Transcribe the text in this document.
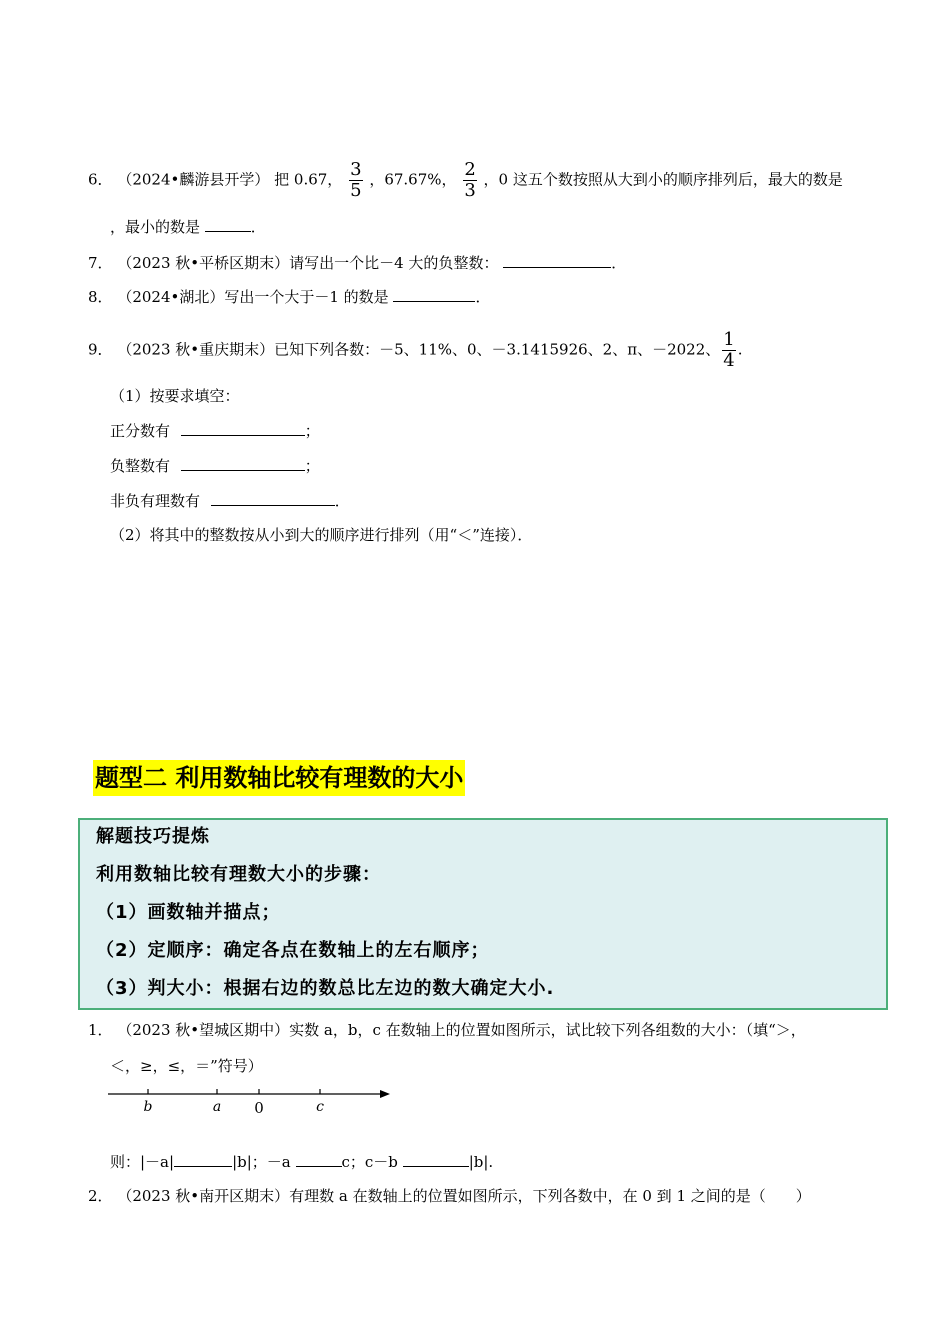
6． （2024•麟游县开学） 把 0.67， $\frac{3}{5}$ ，67.67%， $\frac{2}{3}$ ，0 这五个数按照从大到小的顺序排列后，最大的数是
，最小的数是	．
7． （2023 秋•平桥区期末）请写出一个比－4 大的负整数：	．
8． （2024•湖北）写出一个大于－1 的数是	．
9． （2023 秋•重庆期末）已知下列各数：－5、11%、0、－3.1415926、2、π、－2022、 $\frac{1}{4}$ .
（1）按要求填空：
正分数有	；
负整数有	；
非负有理数有	．
（2）将其中的整数按从小到大的顺序进行排列（用“＜”连接）．
题型二 利用数轴比较有理数的大小
解题技巧提炼
利用数轴比较有理数大小的步骤：
（1）画数轴并描点；
（2）定顺序：确定各点在数轴上的左右顺序；
（3）判大小：根据右边的数总比左边的数大确定大小.
1． （2023 秋•望城区期中）实数 a，b，c 在数轴上的位置如图所示，试比较下列各组数的大小：（填“＞，
＜，≥，≤，＝”符号）
b	a 0	c
则：|－a|	|b|；－a	c；c－b	|b|.
2． （2023 秋•南开区期末）有理数 a 在数轴上的位置如图所示，下列各数中，在 0 到 1 之间的是（　　）
